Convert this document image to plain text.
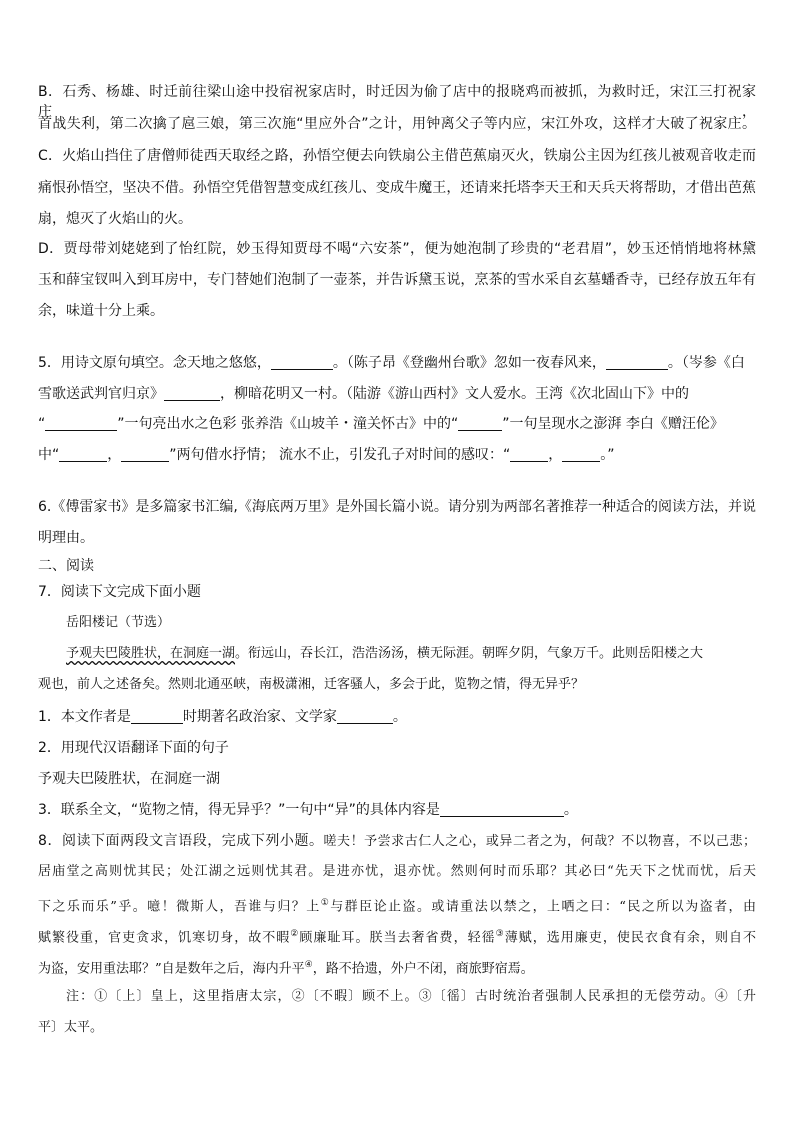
B．石秀、杨雄、时迁前往梁山途中投宿祝家店时，时迁因为偷了店中的报晓鸡而被抓，为救时迁，宋江三打祝家庄，
首战失利，第二次擒了扈三娘，第三次施“里应外合”之计，用钟离父子等内应，宋江外攻，这样才大破了祝家庄。
C．火焰山挡住了唐僧师徒西天取经之路，孙悟空便去向铁扇公主借芭蕉扇灭火，铁扇公主因为红孩儿被观音收走而
痛恨孙悟空，坚决不借。孙悟空凭借智慧变成红孩儿、变成牛魔王，还请来托塔李天王和天兵天将帮助，才借出芭蕉
扇，熄灭了火焰山的火。
D．贾母带刘姥姥到了怡红院，妙玉得知贾母不喝“六安茶”，便为她泡制了珍贵的“老君眉”，妙玉还悄悄地将林黛
玉和薛宝钗叫入到耳房中，专门替她们泡制了一壶茶，并告诉黛玉说，烹茶的雪水采自玄墓蟠香寺，已经存放五年有
余，味道十分上乘。
5．用诗文原句填空。念天地之悠悠，	。（陈子昂《登幽州台歌》忽如一夜春风来，	。（岑参《白
雪歌送武判官归京》	，柳暗花明又一村。（陆游《游山西村》文人爱水。王湾《次北固山下》中的
“	”一句亮出水之色彩 张养浩《山坡羊・潼关怀古》中的“	”一句呈现水之澎湃 李白《赠汪伦》
中“	，	”两句借水抒情； 流水不止，引发孔子对时间的感叹：“	，	。”
6.《傅雷家书》是多篇家书汇编,《海底两万里》是外国长篇小说。请分别为两部名著推荐一种适合的阅读方法，并说
明理由。
二、阅读
7．阅读下文完成下面小题
岳阳楼记（节选）
予观夫巴陵胜状，在洞庭一湖。衔远山，吞长江，浩浩汤汤，横无际涯。朝晖夕阴，气象万千。此则岳阳楼之大
观也，前人之述备矣。然则北通巫峡，南极潇湘，迁客骚人，多会于此，览物之情，得无异乎？
1．本文作者是	时期著名政治家、文学家	。
2．用现代汉语翻译下面的句子
予观夫巴陵胜状，在洞庭一湖
3．联系全文，“览物之情，得无异乎？”一句中“异”的具体内容是	。
8．阅读下面两段文言语段，完成下列小题。嗟夫！予尝求古仁人之心，或异二者之为，何哉？不以物喜，不以己悲；
居庙堂之高则忧其民；处江湖之远则忧其君。是进亦忧，退亦忧。然则何时而乐耶？其必曰“先天下之忧而忧，后天
下之乐而乐”乎。噫！微斯人，吾谁与归？上①与群臣论止盗。或请重法以禁之，上哂之曰：“民之所以为盗者，由
赋繁役重，官吏贪求，饥寒切身，故不暇②顾廉耻耳。朕当去奢省费，轻徭③薄赋，选用廉吏，使民衣食有余，则自不
为盗，安用重法耶？”自是数年之后，海内升平④，路不拾遗，外户不闭，商旅野宿焉。
注：①〔上〕皇上，这里指唐太宗，②〔不暇〕顾不上。③〔徭〕古时统治者强制人民承担的无偿劳动。④〔升
平〕太平。
